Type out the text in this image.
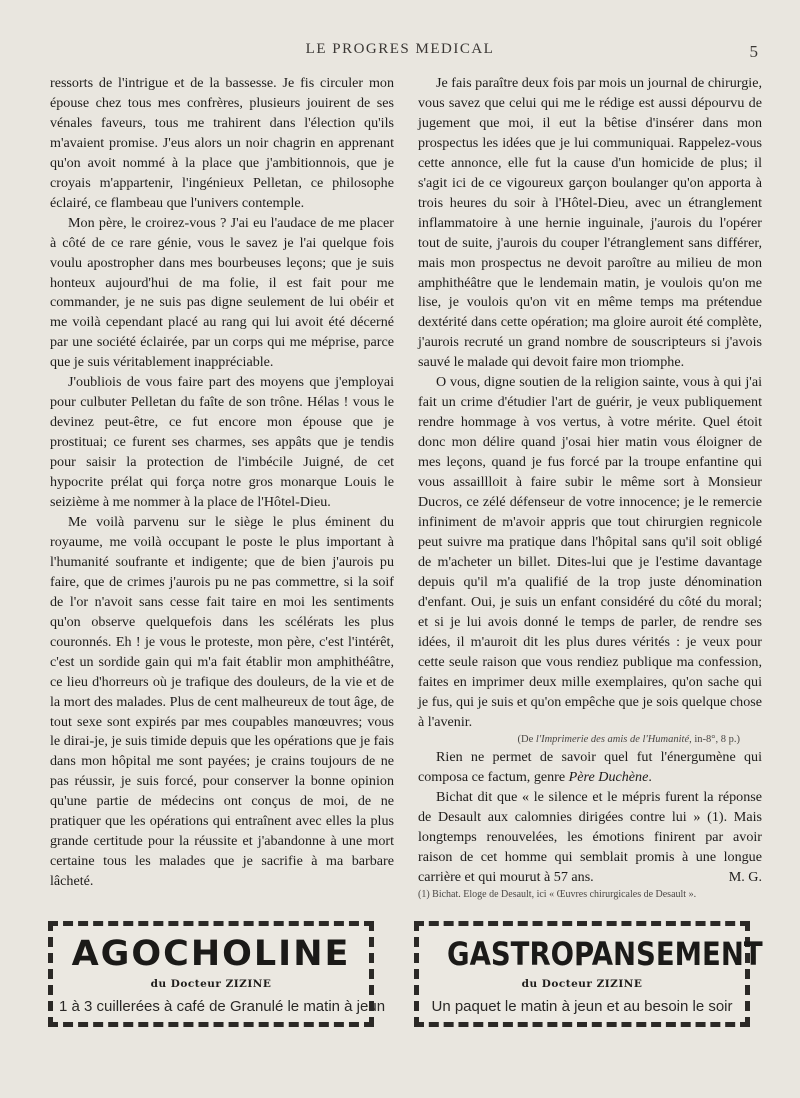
LE PROGRES MEDICAL	5

ressorts de l'intrigue et de la bassesse. Je fis circuler mon épouse chez tous mes confrères, plusieurs jouirent de ses vénales faveurs, tous me trahirent dans l'élection qu'ils m'avaient promise. J'eus alors un noir chagrin en apprenant qu'on avoit nommé à la place que j'ambitionnois, que je croyais m'appartenir, l'ingénieux Pelletan, ce philosophe éclairé, ce flambeau que l'univers contemple.

Mon père, le croirez-vous ? J'ai eu l'audace de me placer à côté de ce rare génie, vous le savez je l'ai quelque fois voulu apostropher dans mes bourbeuses leçons; que je suis honteux aujourd'hui de ma folie, il est fait pour me commander, je ne suis pas digne seulement de lui obéir et me voilà cependant placé au rang qui lui avoit été décerné par une société éclairée, par un corps qui me méprise, parce que je suis véritablement inappréciable.

J'oubliois de vous faire part des moyens que j'employai pour culbuter Pelletan du faîte de son trône. Hélas ! vous le devinez peut-être, ce fut encore mon épouse que je prostituai; ce furent ses charmes, ses appâts que je tendis pour saisir la protection de l'imbécile Juigné, de cet hypocrite prélat qui força notre gros monarque Louis le seizième à me nommer à la place de l'Hôtel-Dieu.

Me voilà parvenu sur le siège le plus éminent du royaume, me voilà occupant le poste le plus important à l'humanité soufrante et indigente; que de bien j'aurois pu faire, que de crimes j'aurois pu ne pas commettre, si la soif de l'or n'avoit sans cesse fait taire en moi les sentiments qu'on observe quelquefois dans les scélérats les plus couronnés. Eh ! je vous le proteste, mon père, c'est l'intérêt, c'est un sordide gain qui m'a fait établir mon amphithéâtre, ce lieu d'horreurs où je trafique des douleurs, de la vie et de la mort des malades. Plus de cent malheureux de tout âge, de tout sexe sont expirés par mes coupables manœuvres; vous le dirai-je, je suis timide depuis que les opérations que je fais dans mon hôpital me sont payées; je crains toujours de ne pas réussir, je suis forcé, pour conserver la bonne opinion qu'une partie de médecins ont conçus de moi, de ne pratiquer que les opérations qui entraînent avec elles la plus grande certitude pour la réussite et j'abandonne à une mort certaine tous les malades que je sacrifie à ma barbare lâcheté.

Je fais paraître deux fois par mois un journal de chirurgie, vous savez que celui qui me le rédige est aussi dépourvu de jugement que moi, il eut la bêtise d'insérer dans mon prospectus les idées que je lui communiquai. Rappelez-vous cette annonce, elle fut la cause d'un homicide de plus; il s'agit ici de ce vigoureux garçon boulanger qu'on apporta à trois heures du soir à l'Hôtel-Dieu, avec un étranglement inflammatoire à une hernie inguinale, j'aurois du l'opérer tout de suite, j'aurois du couper l'étranglement sans différer, mais mon prospectus ne devoit paroître au milieu de mon amphithéâtre que le lendemain matin, je voulois qu'on me lise, je voulois qu'on vit en même temps ma prétendue dextérité dans cette opération; ma gloire auroit été complète, j'aurois recruté un grand nombre de souscripteurs si j'avois sauvé le malade qui devoit faire mon triomphe.

O vous, digne soutien de la religion sainte, vous à qui j'ai fait un crime d'étudier l'art de guérir, je veux publiquement rendre hommage à vos vertus, à votre mérite. Quel étoit donc mon délire quand j'osai hier matin vous éloigner de mes leçons, quand je fus forcé par la troupe enfantine qui vous assaillloit à faire subir le même sort à Monsieur Ducros, ce zélé défenseur de votre innocence; je le remercie infiniment de m'avoir appris que tout chirurgien regnicole peut suivre ma pratique dans l'hôpital sans qu'il soit obligé de m'acheter un billet. Dites-lui que je l'estime davantage depuis qu'il m'a qualifié de la trop juste dénomination d'enfant. Oui, je suis un enfant considéré du côté du moral; et si je lui avois donné le temps de parler, de rendre ses idées, il m'auroit dit les plus dures vérités : je veux pour cette seule raison que vous rendiez publique ma confession, faites en imprimer deux mille exemplaires, qu'on sache qui je fus, qui je suis et qu'on empêche que je sois quelque chose à l'avenir.

(De l'Imprimerie des amis de l'Humanité, in-8°, 8 p.)

Rien ne permet de savoir quel fut l'énergumène qui composa ce factum, genre Père Duchène.

Bichat dit que « le silence et le mépris furent la réponse de Desault aux calomnies dirigées contre lui » (1). Mais longtemps renouvelées, les émotions finirent par avoir raison de cet homme qui semblait promis à une longue carrière et qui mourut à 57 ans.	M. G.

(1) Bichat. Eloge de Desault, ici « Œuvres chirurgicales de Desault ».

AGOCHOLINE
du Docteur ZIZINE
1 à 3 cuillerées à café de Granulé le matin à jeun
GASTROPANSEMENT
du Docteur ZIZINE
Un paquet le matin à jeun et au besoin le soir
